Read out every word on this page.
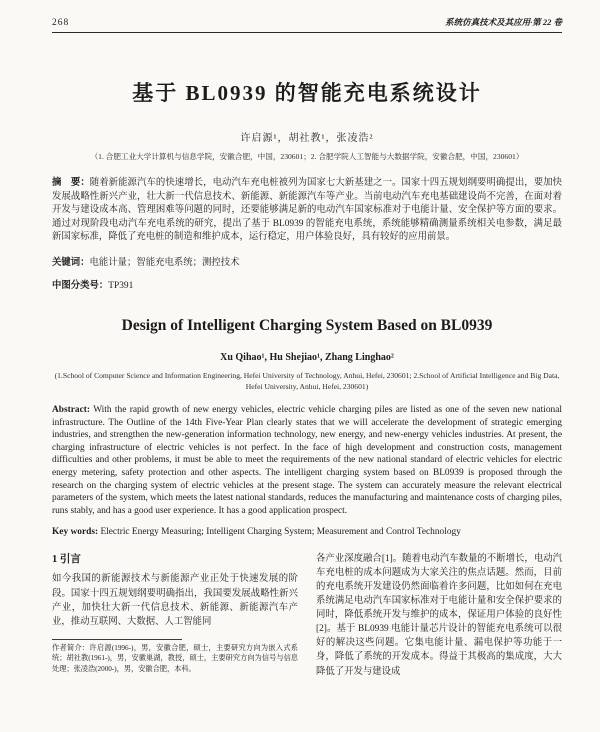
268	系统仿真技术及其应用·第 22 卷
基于 BL0939 的智能充电系统设计
许启源¹，胡社教¹，张凌浩²
（1. 合肥工业大学计算机与信息学院，安徽合肥，中国，230601；2. 合肥学院人工智能与大数据学院，安徽合肥，中国，230601）

摘　要：随着新能源汽车的快速增长，电动汽车充电桩被列为国家七大新基建之一。国家十四五规划纲要明确提出，要加快发展战略性新兴产业，壮大新一代信息技术、新能源、新能源汽车等产业。当前电动汽车充电基础建设尚不完善，在面对着开发与建设成本高、管理困难等问题的同时，还要能够满足新的电动汽车国家标准对于电能计量、安全保护等方面的要求。通过对现阶段电动汽车充电系统的研究，提出了基于 BL0939 的智能充电系统，系统能够精确测量系统相关电参数，满足最新国家标准，降低了充电桩的制造和维护成本，运行稳定，用户体验良好，具有较好的应用前景。

关键词：电能计量；智能充电系统；测控技术

中图分类号：TP391

Design of Intelligent Charging System Based on BL0939
Xu Qihao¹, Hu Shejiao¹, Zhang Linghao²
(1.School of Computer Science and Information Engineering, Hefei University of Technology, Anhui, Hefei, 230601; 2.School of Artificial Intelligence and Big Data, Hefei University, Anhui, Hefei, 230601)

Abstract: With the rapid growth of new energy vehicles, electric vehicle charging piles are listed as one of the seven new national infrastructure. The Outline of the 14th Five-Year Plan clearly states that we will accelerate the development of strategic emerging industries, and strengthen the new-generation information technology, new energy, and new-energy vehicles industries. At present, the charging infrastructure of electric vehicles is not perfect. In the face of high development and construction costs, management difficulties and other problems, it must be able to meet the requirements of the new national standard of electric vehicles for electric energy metering, safety protection and other aspects. The intelligent charging system based on BL0939 is proposed through the research on the charging system of electric vehicles at the present stage. The system can accurately measure the relevant electrical parameters of the system, which meets the latest national standards, reduces the manufacturing and maintenance costs of charging piles, runs stably, and has a good user experience. It has a good application prospect.

Key words: Electric Energy Measuring; Intelligent Charging System; Measurement and Control Technology

1 引言

如今我国的新能源技术与新能源产业正处于快速发展的阶段。国家十四五规划纲要明确指出，我国要发展战略性新兴产业，加快壮大新一代信息技术、新能源、新能源汽车产业，推动互联网、大数据、人工智能同

作者简介：许启源(1996-)，男，安徽合肥，硕士，主要研究方向为嵌入式系统；胡社教(1961-)，男，安徽巢湖，教授，硕士，主要研究方向为信号与信息处理；张凌浩(2000-)，男，安徽合肥，本科。

各产业深度融合[1]。随着电动汽车数量的不断增长，电动汽车充电桩的成本问题成为大家关注的焦点话题。然而，目前的充电系统开发建设仍然面临着许多问题，比如如何在充电系统满足电动汽车国家标准对于电能计量和安全保护要求的同时，降低系统开发与维护的成本，保证用户体验的良好性[2]。基于 BL0939 电能计量芯片设计的智能充电系统可以很好的解决这些问题。它集电能计量、漏电保护等功能于一身，降低了系统的开发成本。得益于其极高的集成度，大大降低了开发与建设成
